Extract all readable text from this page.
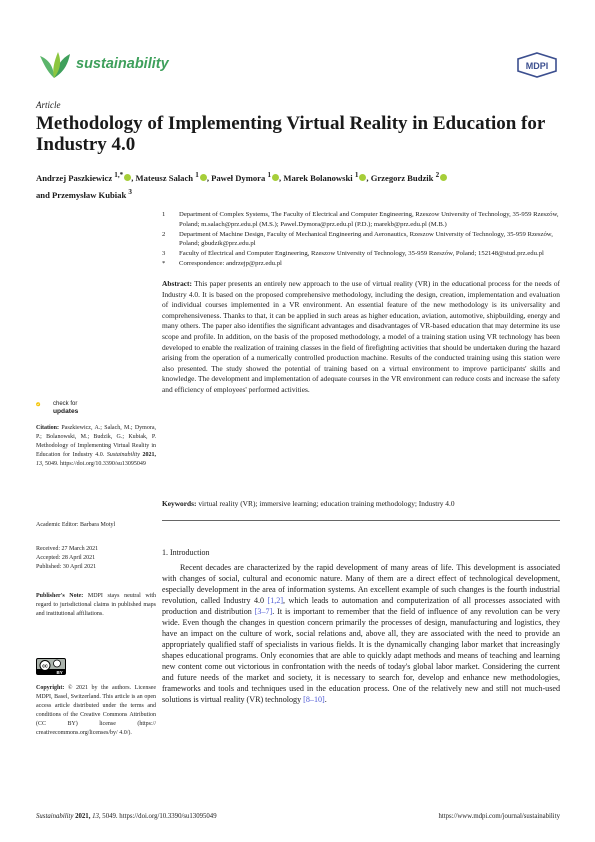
sustainability	MDPI
Article
Methodology of Implementing Virtual Reality in Education for Industry 4.0
Andrzej Paszkiewicz $^{1,*}$ , Mateusz Salach $^1$ , Paweł Dymora $^1$ , Marek Bolanowski $^1$ , Grzegorz Budzik $^2$
and Przemysław Kubiak $^3$
1	Department of Complex Systems, The Faculty of Electrical and Computer Engineering, Rzeszow University of Technology, 35-959 Rzeszów, Poland; m.salach@prz.edu.pl (M.S.); Pawel.Dymora@prz.edu.pl (P.D.); marekb@prz.edu.pl (M.B.)
2	Department of Machine Design, Faculty of Mechanical Engineering and Aeronautics, Rzeszow University of Technology, 35-959 Rzeszów, Poland; gbudzik@prz.edu.pl
3	Faculty of Electrical and Computer Engineering, Rzeszow University of Technology, 35-959 Rzeszów, Poland; 152148@stud.prz.edu.pl
*	Correspondence: andrzejp@prz.edu.pl
Abstract: This paper presents an entirely new approach to the use of virtual reality (VR) in the educational process for the needs of Industry 4.0. It is based on the proposed comprehensive methodology, including the design, creation, implementation and evaluation of individual courses implemented in a VR environment. An essential feature of the new methodology is its universality and comprehensiveness. Thanks to that, it can be applied in such areas as higher education, aviation, automotive, shipbuilding, energy and many others. The paper also identifies the significant advantages and disadvantages of VR-based education that may determine its use scope and profile. In addition, on the basis of the proposed methodology, a model of a training station using VR technology has been developed to enable the realization of training classes in the field of firefighting activities that should be undertaken during the hazard arising from the operation of a numerically controlled production machine. Results of the conducted training using this station were also presented. The study showed the potential of training based on a virtual environment to improve participants' skills and knowledge. The development and implementation of adequate courses in the VR environment can reduce costs and increase the safety and efficiency of employees' performed activities.
Keywords: virtual reality (VR); immersive learning; education training methodology; Industry 4.0
check for
updates
Citation: Paszkiewicz, A.; Salach, M.; Dymora, P.; Bolanowski, M.; Budzik, G.; Kubiak, P. Methodology of Implementing Virtual Reality in Education for Industry 4.0. Sustainability 2021, 13, 5049. https://doi.org/10.3390/su13095049
Academic Editor: Barbara Motyl
Received: 27 March 2021
Accepted: 28 April 2021
Published: 30 April 2021
Publisher's Note: MDPI stays neutral with regard to jurisdictional claims in published maps and institutional affiliations.
cc
BY
Copyright: © 2021 by the authors. Licensee MDPI, Basel, Switzerland. This article is an open access article distributed under the terms and conditions of the Creative Commons Attribution (CC BY) license (https:// creativecommons.org/licenses/by/ 4.0/).
1. Introduction

Recent decades are characterized by the rapid development of many areas of life. This development is associated with changes of social, cultural and economic nature. Many of them are a direct effect of technological development, especially development in the area of information systems. An excellent example of such changes is the fourth industrial revolution, called Industry 4.0 [1,2], which leads to automation and computerization of all processes associated with production and distribution [3–7]. It is important to remember that the field of influence of any revolution can be very wide. Even though the changes in question concern primarily the processes of design, manufacturing and logistics, they have an impact on the culture of work, social relations and, above all, they are associated with the need to provide an appropriately qualified staff of specialists in various fields. It is the dynamically changing labor market that increasingly shapes educational programs. Only economies that are able to quickly adapt methods and means of teaching and learning new content come out victorious in confrontation with the needs of today's global labor market. Considering the current and future needs of the market and society, it is necessary to search for, develop and enhance new methodologies, frameworks and tools and techniques used in the education process. One of the relatively new and still not much-used solutions is virtual reality (VR) technology [8–10].

Sustainability 2021, 13, 5049. https://doi.org/10.3390/su13095049	https://www.mdpi.com/journal/sustainability
